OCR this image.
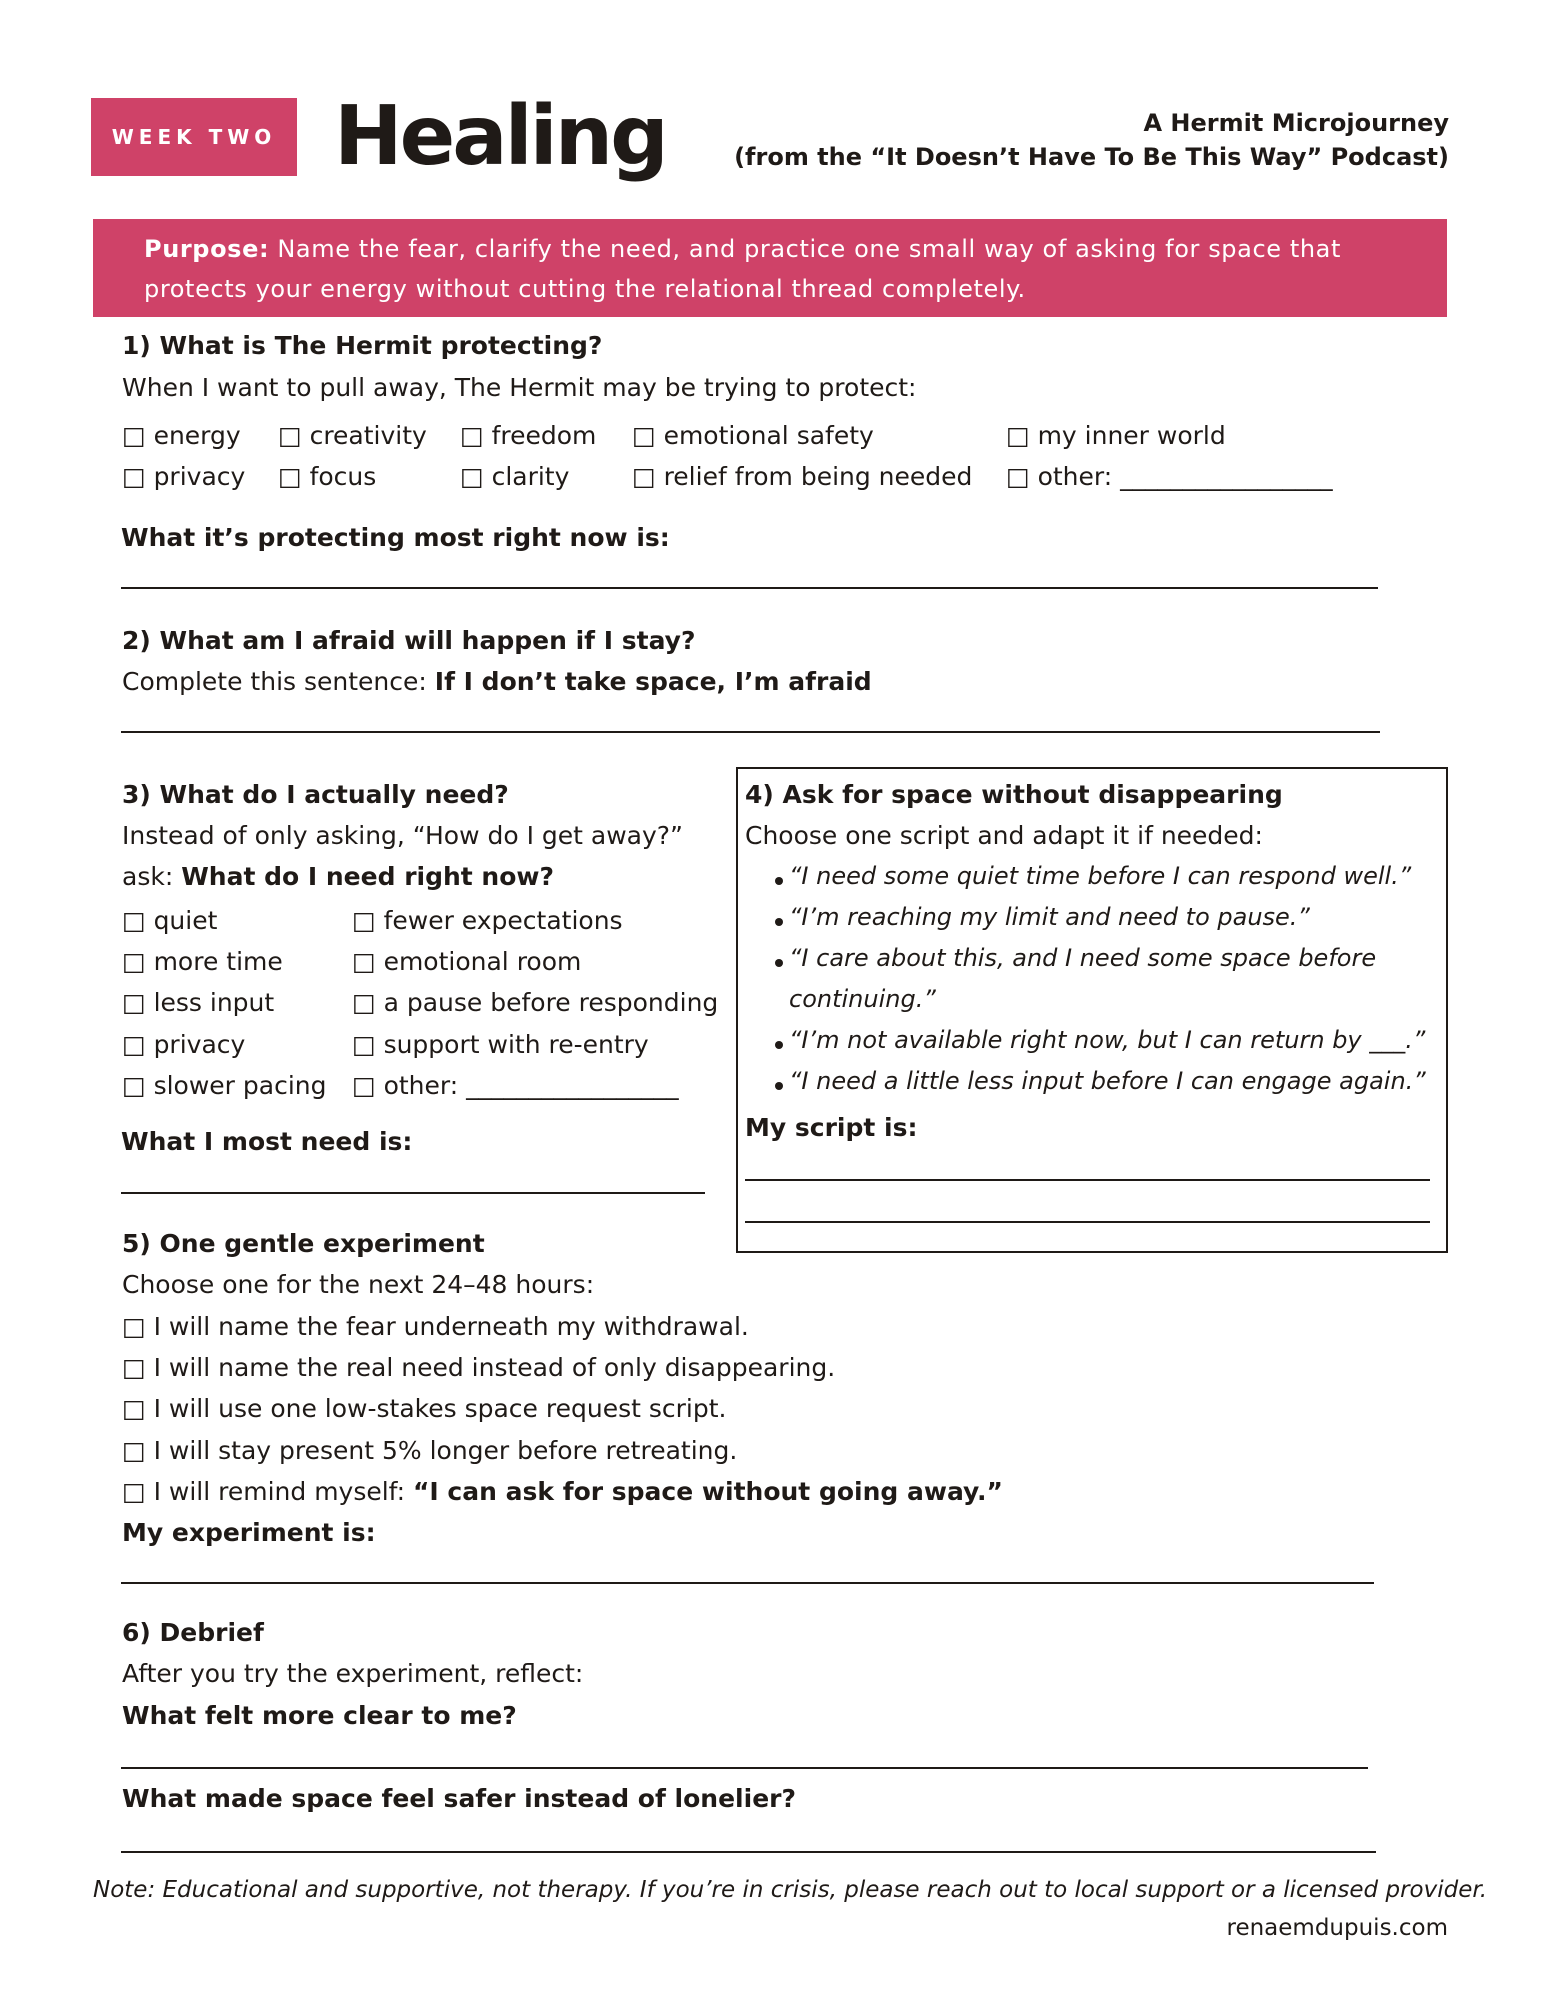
WEEK TWO Healing	A Hermit Microjourney
(from the “It Doesn’t Have To Be This Way” Podcast)
Purpose: Name the fear, clarify the need, and practice one small way of asking for space that protects your energy without cutting the relational thread completely.
1) What is The Hermit protecting?
When I want to pull away, The Hermit may be trying to protect:
□ energy □ creativity □ freedom □ emotional safety	□ my inner world
□ privacy □ focus	□ clarity	□ relief from being needed □ other: _________________
What it’s protecting most right now is:
2) What am I afraid will happen if I stay?
Complete this sentence: If I don’t take space, I’m afraid
3) What do I actually need?
Instead of only asking, “How do I get away?”
ask: What do I need right now?
□ quiet	□ fewer expectations
□ more time	□ emotional room
□ less input	□ a pause before responding
□ privacy	□ support with re-entry
□ slower pacing □ other: _________________
What I most need is:
4) Ask for space without disappearing
Choose one script and adapt it if needed:
“I need some quiet time before I can respond well.”
“I’m reaching my limit and need to pause.”
“I care about this, and I need some space before
continuing.”
“I’m not available right now, but I can return by ___.”
“I need a little less input before I can engage again.”
My script is:
5) One gentle experiment
Choose one for the next 24–48 hours:
□ I will name the fear underneath my withdrawal.
□ I will name the real need instead of only disappearing.
□ I will use one low-stakes space request script.
□ I will stay present 5% longer before retreating.
□ I will remind myself: “I can ask for space without going away.”
My experiment is:
6) Debrief
After you try the experiment, reflect:
What felt more clear to me?
What made space feel safer instead of lonelier?
Note: Educational and supportive, not therapy. If you’re in crisis, please reach out to local support or a licensed provider.
renaemdupuis.com
